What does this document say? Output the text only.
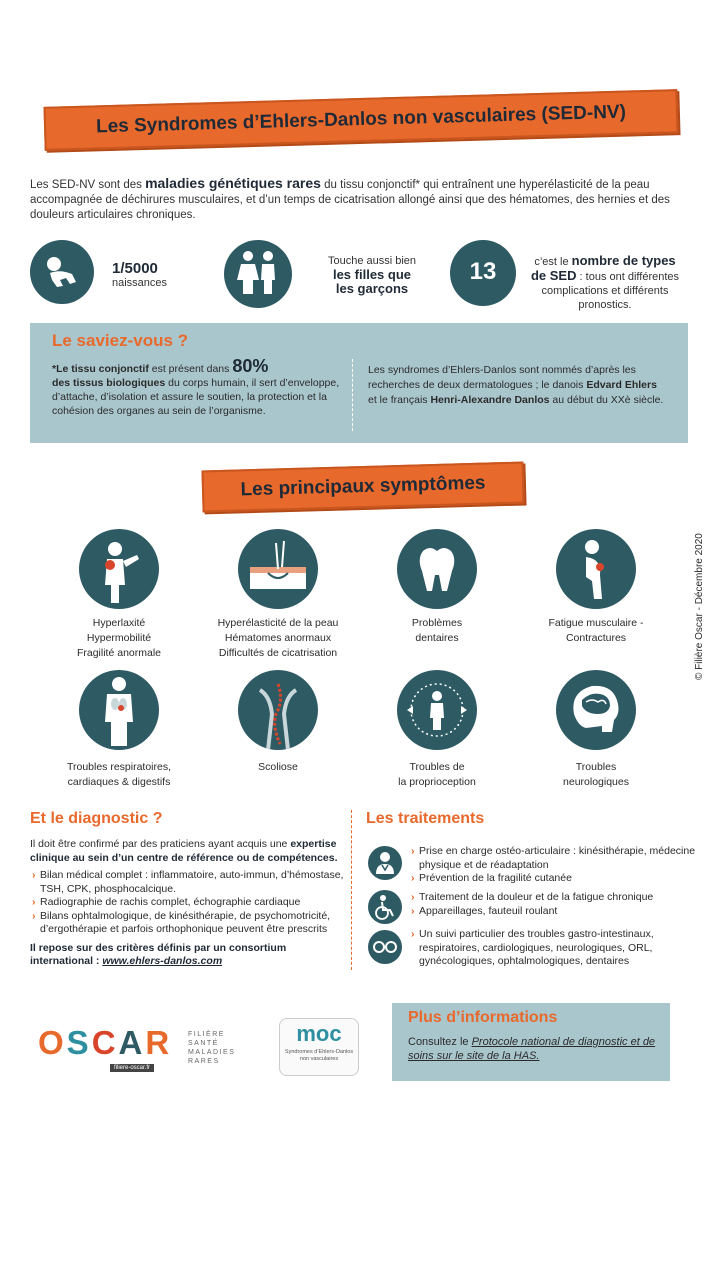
Les Syndromes d’Ehlers-Danlos non vasculaires (SED-NV)

Les SED-NV sont des maladies génétiques rares du tissu conjonctif* qui entraînent une hyperélasticité de la peau accompagnée de déchirures musculaires, et d’un temps de cicatrisation allongé ainsi que des hématomes, des hernies et des douleurs articulaires chroniques.

1/5000
naissances
Touche aussi bien
les filles que
les garçons
13	c’est le nombre de types
de SED : tous ont différentes complications et différents pronostics.
Le saviez-vous ?
*Le tissu conjonctif est présent dans 80%
des tissus biologiques du corps humain, il sert d’enveloppe, d’attache, d’isolation et assure le soutien, la protection et la cohésion des organes au sein de l’organisme.
Les syndromes d’Ehlers-Danlos sont nommés d’après les recherches de deux dermatologues ; le danois Edvard Ehlers et le français Henri-Alexandre Danlos au début du XXè siècle.
Les principaux symptômes
Hyperlaxité
Hypermobilité
Fragilité anormale
Hyperélasticité de la peau
Hématomes anormaux
Difficultés de cicatrisation
Problèmes
dentaires
Fatigue musculaire -
Contractures
Troubles respiratoires,
cardiaques & digestifs
Scoliose	Troubles de
la proprioception
Troubles
neurologiques
Et le diagnostic ?
Il doit être confirmé par des praticiens ayant acquis une expertise clinique au sein d’un centre de référence ou de compétences.
› Bilan médical complet : inflammatoire, auto-immun, d’hémostase, TSH, CPK, phosphocalcique.
› Radiographie de rachis complet, échographie cardiaque
› Bilans ophtalmologique, de kinésithérapie, de psychomotricité, d’ergothérapie et parfois orthophonique peuvent être prescrits
Il repose sur des critères définis par un consortium international : www.ehlers-danlos.com
Les traitements
› Prise en charge ostéo-articulaire : kinésithérapie, médecine physique et de réadaptation
› Prévention de la fragilité cutanée
› Traitement de la douleur et de la fatigue chronique
› Appareillages, fauteuil roulant
› Un suivi particulier des troubles gastro-intestinaux, respiratoires, cardiologiques, neurologiques, ORL, gynécologiques, ophtalmologiques, dentaires
OSCAR FILIÈRE
SANTÉ
MALADIES
RARES
filiere-oscar.fr
moc
Syndromes d’Ehlers-Danlos non vasculaires
Plus d’informations
Consultez le Protocole national de diagnostic et de soins sur le site de la HAS.
© Filière Oscar - Décembre 2020
